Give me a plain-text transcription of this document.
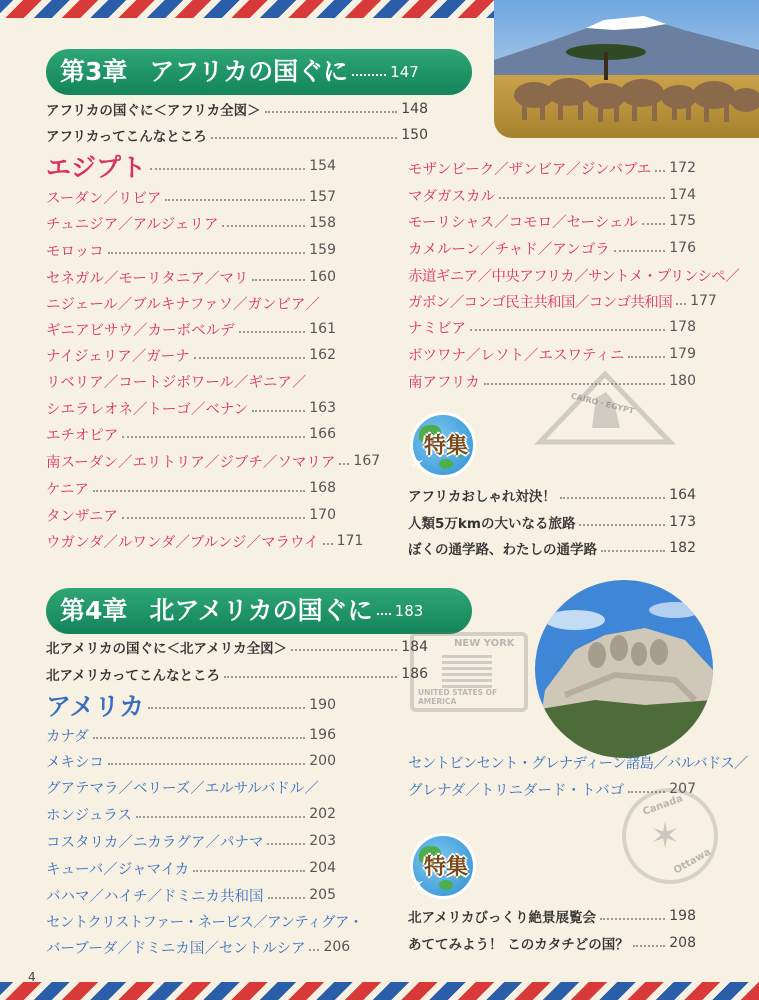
第3章 アフリカの国ぐに	147
アフリカの国ぐに＜アフリカ全図＞	148
アフリカってこんなところ	150
エジプト	154
スーダン／リビア	157
チュニジア／アルジェリア	158
モロッコ	159
セネガル／モーリタニア／マリ	160
ニジェール／ブルキナファソ／ガンビア／
ギニアビサウ／カーボベルデ	161
ナイジェリア／ガーナ	162
リベリア／コートジボワール／ギニア／
シエラレオネ／トーゴ／ベナン	163
エチオピア	166
南スーダン／エリトリア／ジブチ／ソマリア 167
ケニア	168
タンザニア	170
ウガンダ／ルワンダ／ブルンジ／マラウイ 171
モザンビーク／ザンビア／ジンバブエ 172
マダガスカル	174
モーリシャス／コモロ／セーシェル 175
カメルーン／チャド／アンゴラ	176
赤道ギニア／中央アフリカ／サントメ・プリンシペ／
ガボン／コンゴ民主共和国／コンゴ共和国 177
ナミビア	178
ボツワナ／レソト／エスワティニ	179
南アフリカ	180
CAIRO・EGYPT
特集
✈
アフリカおしゃれ対決！	164
人類5万kmの大いなる旅路	173
ぼくの通学路、わたしの通学路	182
第4章 北アメリカの国ぐに 183
NEW YORK
UNITED STATES OF AMERICA
北アメリカの国ぐに＜北アメリカ全図＞	184
北アメリカってこんなところ	186
アメリカ	190
カナダ	196
メキシコ	200
グアテマラ／ベリーズ／エルサルバドル／
ホンジュラス	202
コスタリカ／ニカラグア／パナマ	203
キューバ／ジャマイカ	204
バハマ／ハイチ／ドミニカ共和国	205
セントクリストファー・ネービス／アンティグア・
バーブーダ／ドミニカ国／セントルシア 206
セントビンセント・グレナディーン諸島／バルバドス／
グレナダ／トリニダード・トバゴ	207
Canada
✶
Ottawa
特集
✈
北アメリカびっくり絶景展覧会	198
あててみよう！ このカタチどの国？	208
4
